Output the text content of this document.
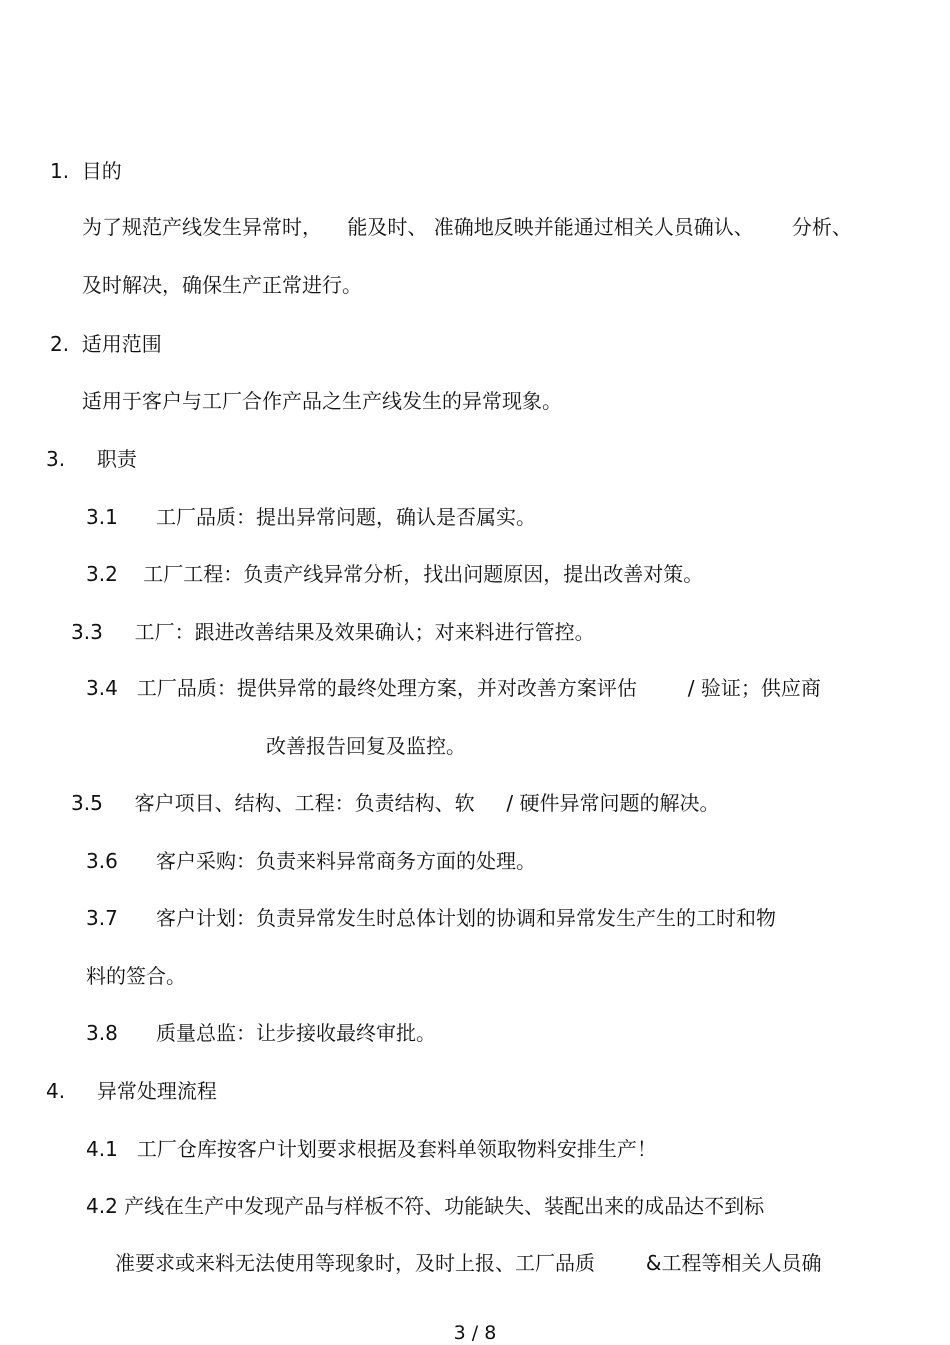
1.  目的
为了规范产线发生异常时，    能及时、 准确地反映并能通过相关人员确认、      分析、
及时解决，确保生产正常进行。
2.  适用范围
适用于客户与工厂合作产品之生产线发生的异常现象。
3.     职责
3.1      工厂品质：提出异常问题，确认是否属实。
3.2    工厂工程：负责产线异常分析，找出问题原因，提出改善对策。
3.3     工厂：跟进改善结果及效果确认；对来料进行管控。
3.4   工厂品质：提供异常的最终处理方案，并对改善方案评估        / 验证；供应商
改善报告回复及监控。
3.5     客户项目、结构、工程：负责结构、软     / 硬件异常问题的解决。
3.6      客户采购：负责来料异常商务方面的处理。
3.7      客户计划：负责异常发生时总体计划的协调和异常发生产生的工时和物
料的签合。
3.8      质量总监：让步接收最终审批。
4.     异常处理流程
4.1   工厂仓库按客户计划要求根据及套料单领取物料安排生产！
4.2 产线在生产中发现产品与样板不符、功能缺失、装配出来的成品达不到标
准要求或来料无法使用等现象时，及时上报、工厂品质        &工程等相关人员确
3 / 8
